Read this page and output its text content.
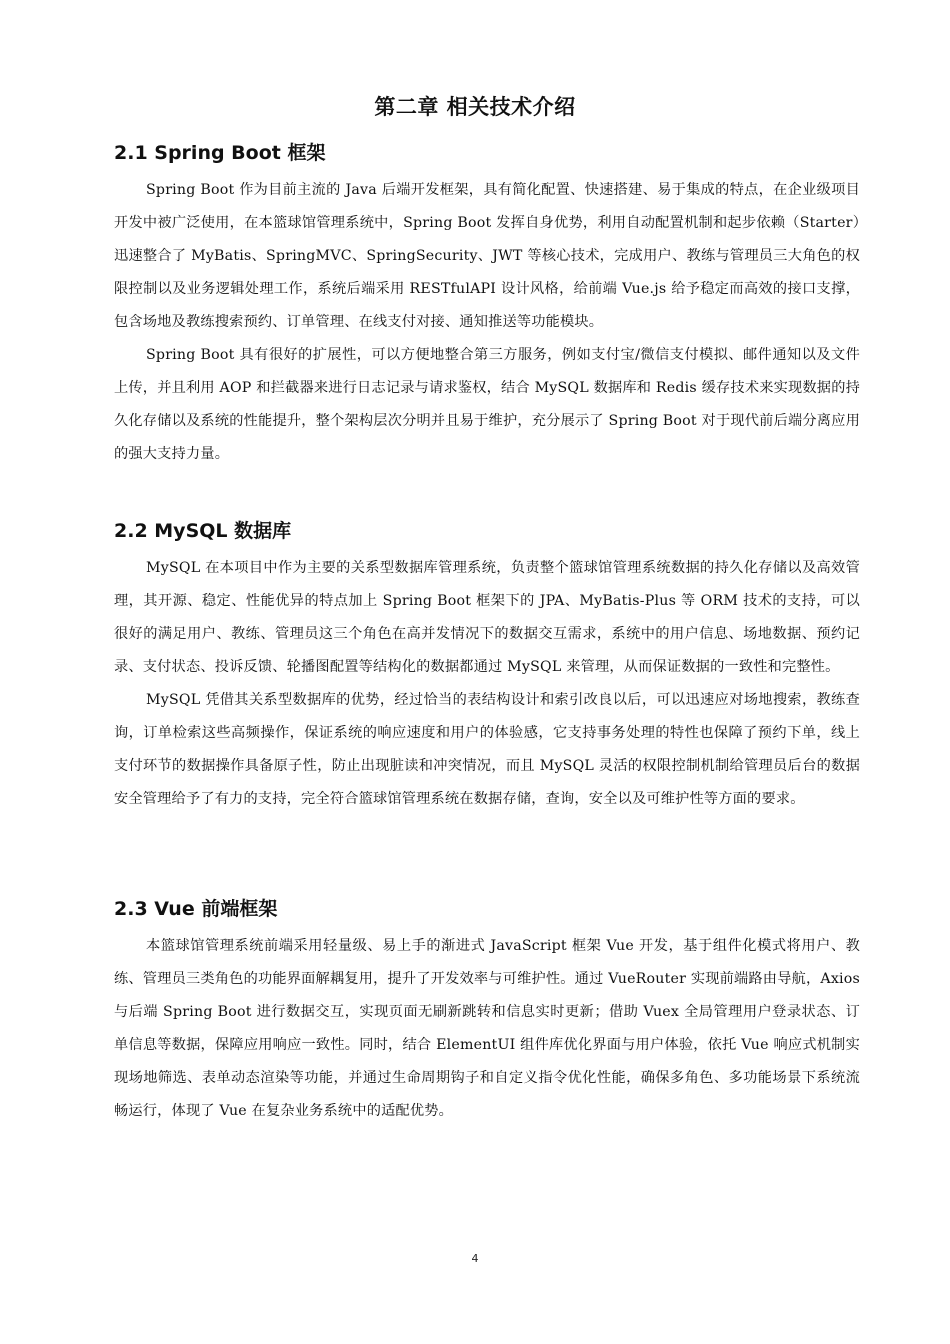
第二章 相关技术介绍
2.1 Spring Boot 框架

Spring Boot 作为目前主流的 Java 后端开发框架，具有简化配置、快速搭建、易于集成的特点，在企业级项目开发中被广泛使用，在本篮球馆管理系统中，Spring Boot 发挥自身优势，利用自动配置机制和起步依赖（Starter）迅速整合了 MyBatis、SpringMVC、SpringSecurity、JWT 等核心技术，完成用户、教练与管理员三大角色的权限控制以及业务逻辑处理工作，系统后端采用 RESTfulAPI 设计风格，给前端 Vue.js 给予稳定而高效的接口支撑，包含场地及教练搜索预约、订单管理、在线支付对接、通知推送等功能模块。

Spring Boot 具有很好的扩展性，可以方便地整合第三方服务，例如支付宝/微信支付模拟、邮件通知以及文件上传，并且利用 AOP 和拦截器来进行日志记录与请求鉴权，结合 MySQL 数据库和 Redis 缓存技术来实现数据的持久化存储以及系统的性能提升，整个架构层次分明并且易于维护，充分展示了 Spring Boot 对于现代前后端分离应用的强大支持力量。

2.2 MySQL 数据库

MySQL 在本项目中作为主要的关系型数据库管理系统，负责整个篮球馆管理系统数据的持久化存储以及高效管理，其开源、稳定、性能优异的特点加上 Spring Boot 框架下的 JPA、MyBatis-Plus 等 ORM 技术的支持，可以很好的满足用户、教练、管理员这三个角色在高并发情况下的数据交互需求，系统中的用户信息、场地数据、预约记录、支付状态、投诉反馈、轮播图配置等结构化的数据都通过 MySQL 来管理，从而保证数据的一致性和完整性。

MySQL 凭借其关系型数据库的优势，经过恰当的表结构设计和索引改良以后，可以迅速应对场地搜索，教练查询，订单检索这些高频操作，保证系统的响应速度和用户的体验感，它支持事务处理的特性也保障了预约下单，线上支付环节的数据操作具备原子性，防止出现脏读和冲突情况，而且 MySQL 灵活的权限控制机制给管理员后台的数据安全管理给予了有力的支持，完全符合篮球馆管理系统在数据存储，查询，安全以及可维护性等方面的要求。

2.3 Vue 前端框架

本篮球馆管理系统前端采用轻量级、易上手的渐进式 JavaScript 框架 Vue 开发，基于组件化模式将用户、教练、管理员三类角色的功能界面解耦复用，提升了开发效率与可维护性。通过 VueRouter 实现前端路由导航，Axios 与后端 Spring Boot 进行数据交互，实现页面无刷新跳转和信息实时更新；借助 Vuex 全局管理用户登录状态、订单信息等数据，保障应用响应一致性。同时，结合 ElementUI 组件库优化界面与用户体验，依托 Vue 响应式机制实现场地筛选、表单动态渲染等功能，并通过生命周期钩子和自定义指令优化性能，确保多角色、多功能场景下系统流畅运行，体现了 Vue 在复杂业务系统中的适配优势。

4
